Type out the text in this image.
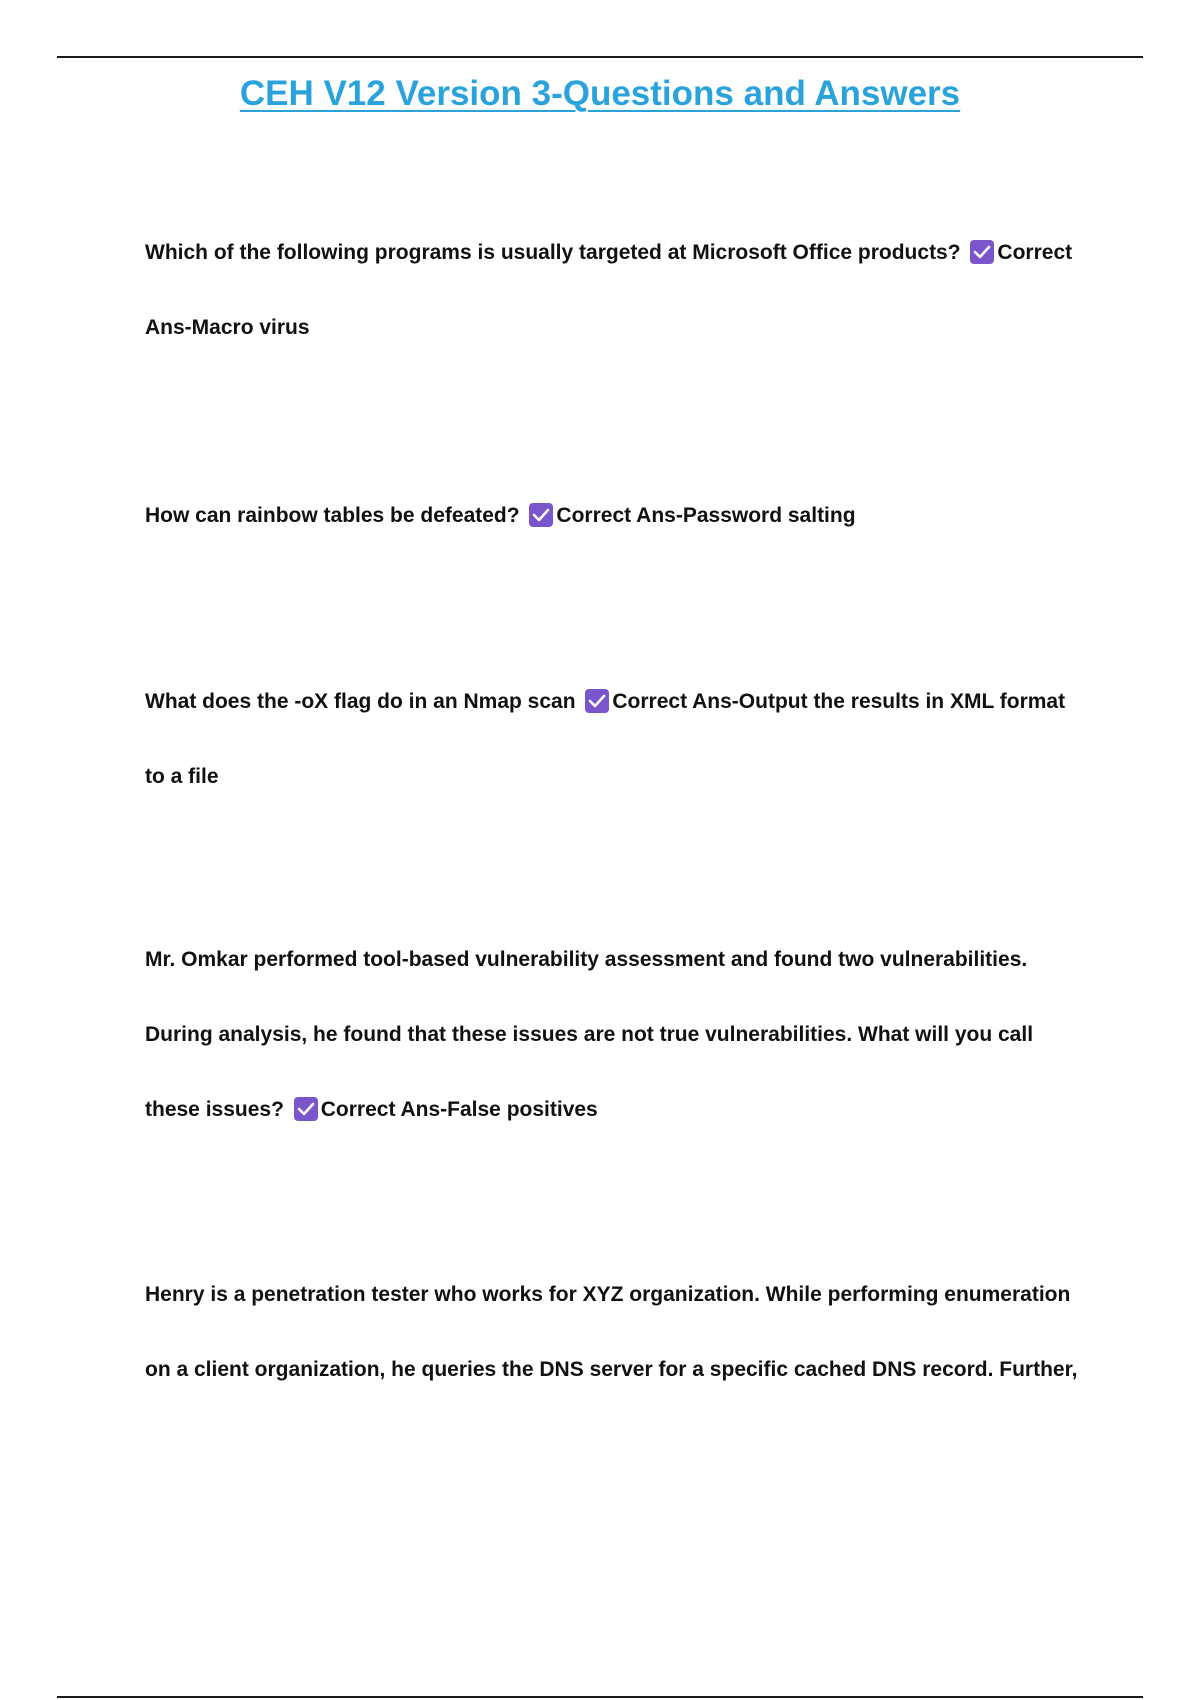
CEH V12 Version 3-Questions and Answers

Which of the following programs is usually targeted at Microsoft Office products? Correct Ans-Macro virus

How can rainbow tables be defeated? Correct Ans-Password salting

What does the -oX flag do in an Nmap scan Correct Ans-Output the results in XML format to a file

Mr. Omkar performed tool-based vulnerability assessment and found two vulnerabilities. During analysis, he found that these issues are not true vulnerabilities. What will you call these issues? Correct Ans-False positives

Henry is a penetration tester who works for XYZ organization. While performing enumeration on a client organization, he queries the DNS server for a specific cached DNS record. Further,
